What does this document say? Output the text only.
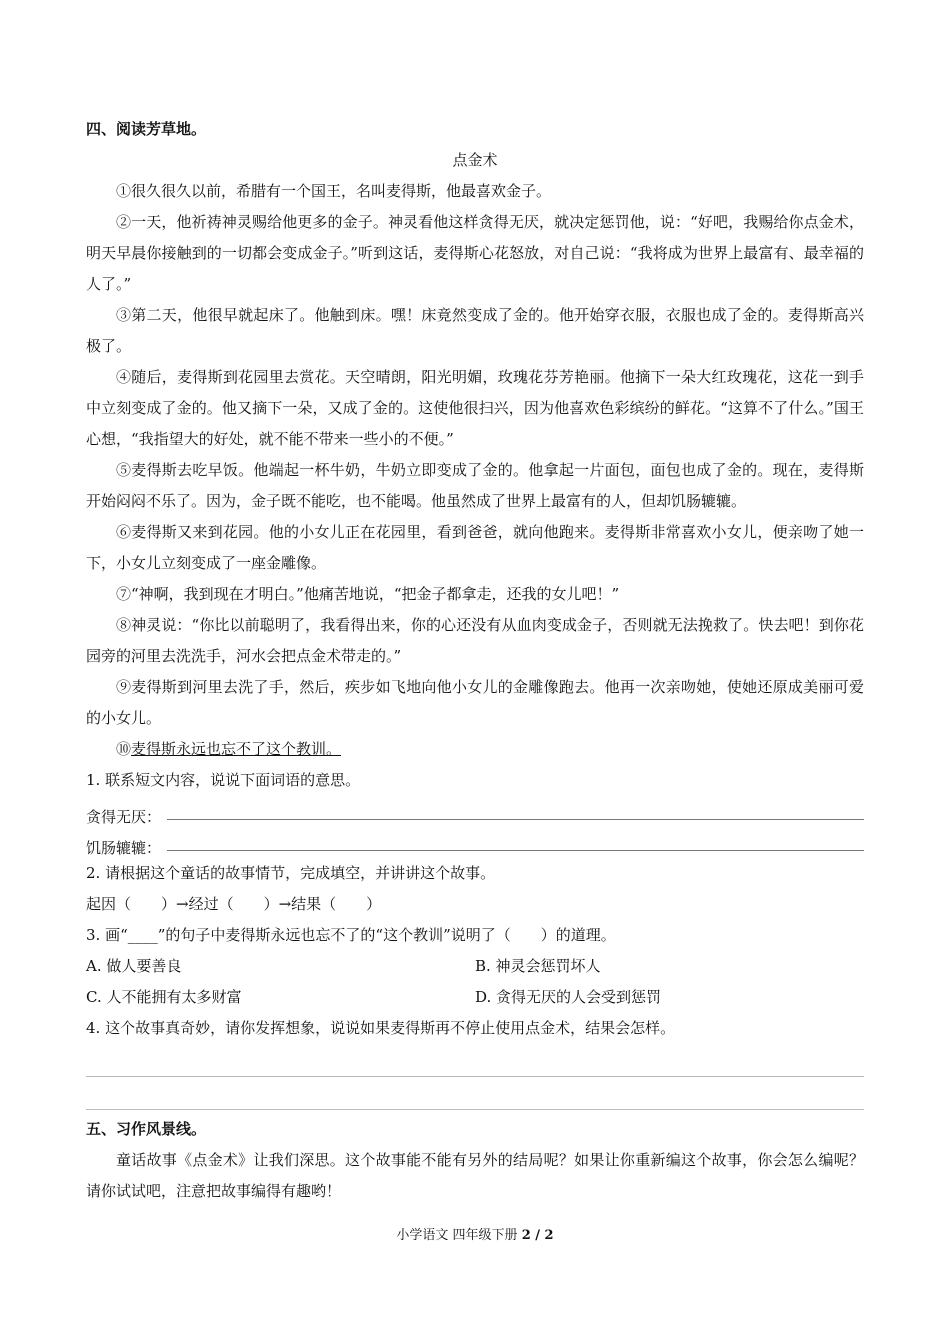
四、阅读芳草地。

点金术

①很久很久以前，希腊有一个国王，名叫麦得斯，他最喜欢金子。

②一天，他祈祷神灵赐给他更多的金子。神灵看他这样贪得无厌，就决定惩罚他，说：“好吧，我赐给你点金术，明天早晨你接触到的一切都会变成金子。”听到这话，麦得斯心花怒放，对自己说：“我将成为世界上最富有、最幸福的人了。”

③第二天，他很早就起床了。他触到床。嘿！床竟然变成了金的。他开始穿衣服，衣服也成了金的。麦得斯高兴极了。

④随后，麦得斯到花园里去赏花。天空晴朗，阳光明媚，玫瑰花芬芳艳丽。他摘下一朵大红玫瑰花，这花一到手中立刻变成了金的。他又摘下一朵，又成了金的。这使他很扫兴，因为他喜欢色彩缤纷的鲜花。“这算不了什么。”国王心想，“我指望大的好处，就不能不带来一些小的不便。”

⑤麦得斯去吃早饭。他端起一杯牛奶，牛奶立即变成了金的。他拿起一片面包，面包也成了金的。现在，麦得斯开始闷闷不乐了。因为，金子既不能吃，也不能喝。他虽然成了世界上最富有的人，但却饥肠辘辘。

⑥麦得斯又来到花园。他的小女儿正在花园里，看到爸爸，就向他跑来。麦得斯非常喜欢小女儿，便亲吻了她一下，小女儿立刻变成了一座金雕像。

⑦“神啊，我到现在才明白。”他痛苦地说，“把金子都拿走，还我的女儿吧！”

⑧神灵说：“你比以前聪明了，我看得出来，你的心还没有从血肉变成金子，否则就无法挽救了。快去吧！到你花园旁的河里去洗洗手，河水会把点金术带走的。”

⑨麦得斯到河里去洗了手，然后，疾步如飞地向他小女儿的金雕像跑去。他再一次亲吻她，使她还原成美丽可爱的小女儿。

⑩麦得斯永远也忘不了这个教训。

1. 联系短文内容，说说下面词语的意思。

贪得无厌：
饥肠辘辘：

2. 请根据这个童话的故事情节，完成填空，并讲讲这个故事。

起因（　　）→经过（　　）→结果（　　）

3. 画“____”的句子中麦得斯永远也忘不了的“这个教训”说明了（　　）的道理。

A. 做人要善良	B. 神灵会惩罚坏人
C. 人不能拥有太多财富	D. 贪得无厌的人会受到惩罚

4. 这个故事真奇妙，请你发挥想象，说说如果麦得斯再不停止使用点金术，结果会怎样。

五、习作风景线。

童话故事《点金术》让我们深思。这个故事能不能有另外的结局呢？如果让你重新编这个故事，你会怎么编呢？请你试试吧，注意把故事编得有趣哟！

小学语文 四年级下册 2 / 2
